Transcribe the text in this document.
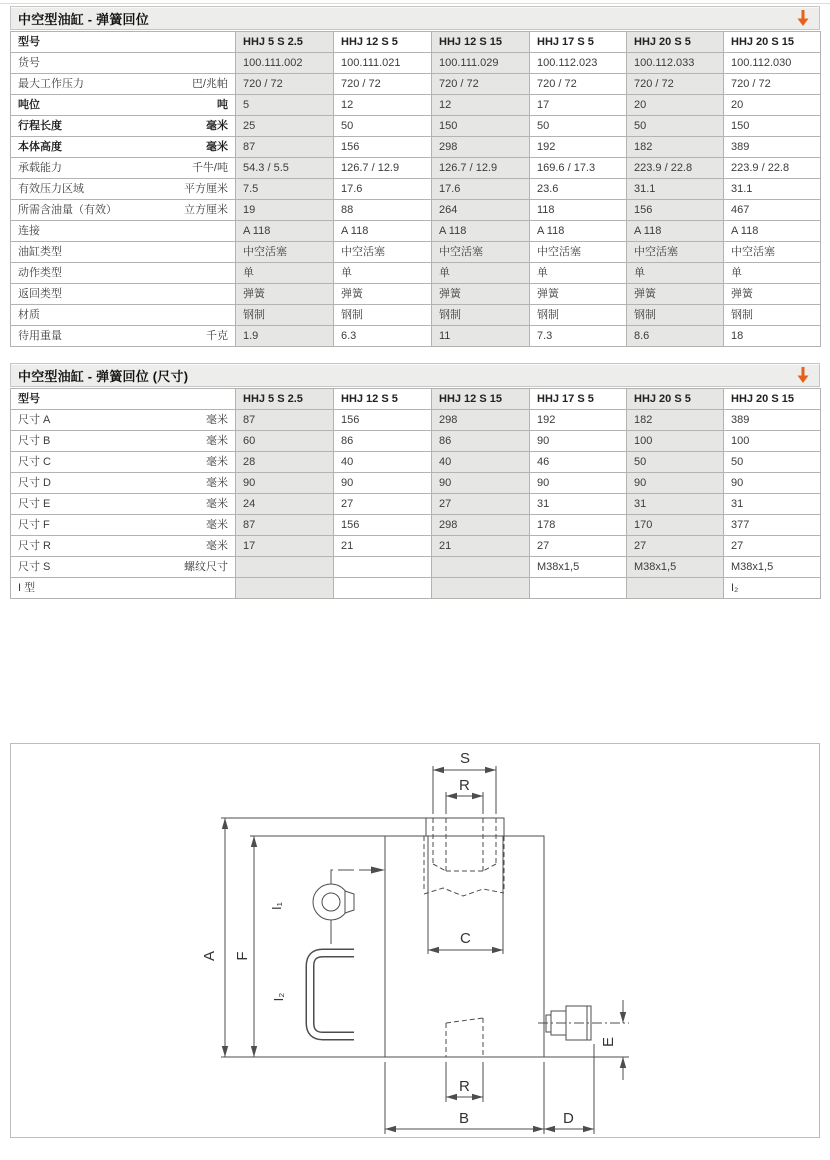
中空型油缸 - 弹簧回位
型号	HHJ 5 S 2.5	HHJ 12 S 5	HHJ 12 S 15	HHJ 17 S 5	HHJ 20 S 5	HHJ 20 S 15
货号	100.111.002	100.111.021	100.111.029	100.112.023	100.112.033	100.112.030
最大工作压力 巴/兆帕	720 / 72	720 / 72	720 / 72	720 / 72	720 / 72	720 / 72
吨位 吨	5	12	12	17	20	20
行程长度 毫米	25	50	150	50	50	150
本体高度 毫米	87	156	298	192	182	389
承载能力 千牛/吨	54.3 / 5.5	126.7 / 12.9	126.7 / 12.9	169.6 / 17.3	223.9 / 22.8	223.9 / 22.8
有效压力区域 平方厘米	7.5	17.6	17.6	23.6	31.1	31.1
所需含油量（有效） 立方厘米	19	88	264	118	156	467
连接	A 118	A 118	A 118	A 118	A 118	A 118
油缸类型	中空活塞	中空活塞	中空活塞	中空活塞	中空活塞	中空活塞
动作类型	单	单	单	单	单	单
返回类型	弹簧	弹簧	弹簧	弹簧	弹簧	弹簧
材质	钢制	钢制	钢制	钢制	钢制	钢制
待用重量 千克	1.9	6.3	11	7.3	8.6	18
中空型油缸 - 弹簧回位 (尺寸)
型号	HHJ 5 S 2.5	HHJ 12 S 5	HHJ 12 S 15	HHJ 17 S 5	HHJ 20 S 5	HHJ 20 S 15
尺寸 A 毫米	87	156	298	192	182	389
尺寸 B 毫米	60	86	86	90	100	100
尺寸 C 毫米	28	40	40	46	50	50
尺寸 D 毫米	90	90	90	90	90	90
尺寸 E 毫米	24	27	27	31	31	31
尺寸 F 毫米	87	156	298	178	170	377
尺寸 R 毫米	17	21	21	27	27	27
尺寸 S 螺纹尺寸				M38x1,5	M38x1,5	M38x1,5
I 型						I₂
S
R
C
A F
I₁
I₂
E
R
B	D
